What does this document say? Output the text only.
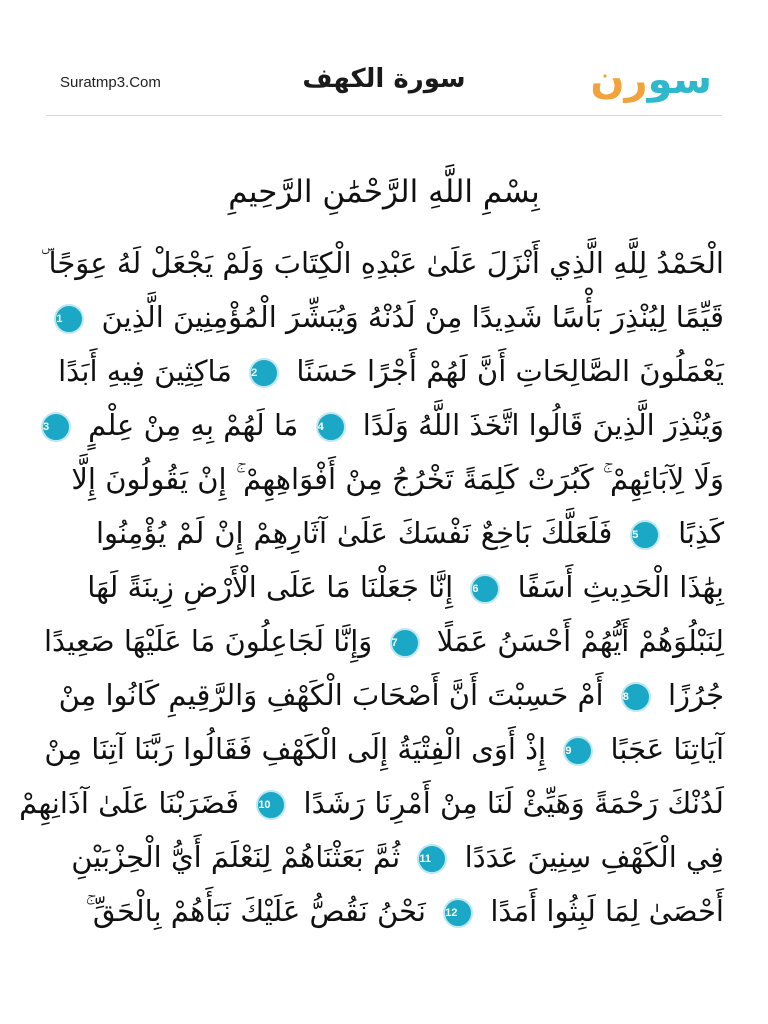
Suratmp3.Com	سورة الكهف	سورن
بِسْمِ اللَّهِ الرَّحْمَٰنِ الرَّحِيمِ
الْحَمْدُ لِلَّهِ الَّذِي أَنْزَلَ عَلَىٰ عَبْدِهِ الْكِتَابَ وَلَمْ يَجْعَلْ لَهُ عِوَجًا ۜ
قَيِّمًا لِيُنْذِرَ بَأْسًا شَدِيدًا مِنْ لَدُنْهُ وَيُبَشِّرَ الْمُؤْمِنِينَ الَّذِينَ 1
يَعْمَلُونَ الصَّالِحَاتِ أَنَّ لَهُمْ أَجْرًا حَسَنًا 2 مَاكِثِينَ فِيهِ أَبَدًا
وَيُنْذِرَ الَّذِينَ قَالُوا اتَّخَذَ اللَّهُ وَلَدًا 4 مَا لَهُمْ بِهِ مِنْ عِلْمٍ 3
وَلَا لِآبَائِهِمْ ۚ كَبُرَتْ كَلِمَةً تَخْرُجُ مِنْ أَفْوَاهِهِمْ ۚ إِنْ يَقُولُونَ إِلَّا
كَذِبًا 5 فَلَعَلَّكَ بَاخِعٌ نَفْسَكَ عَلَىٰ آثَارِهِمْ إِنْ لَمْ يُؤْمِنُوا
بِهَٰذَا الْحَدِيثِ أَسَفًا 6 إِنَّا جَعَلْنَا مَا عَلَى الْأَرْضِ زِينَةً لَهَا
لِنَبْلُوَهُمْ أَيُّهُمْ أَحْسَنُ عَمَلًا 7 وَإِنَّا لَجَاعِلُونَ مَا عَلَيْهَا صَعِيدًا
جُرُزًا 8 أَمْ حَسِبْتَ أَنَّ أَصْحَابَ الْكَهْفِ وَالرَّقِيمِ كَانُوا مِنْ
آيَاتِنَا عَجَبًا 9 إِذْ أَوَى الْفِتْيَةُ إِلَى الْكَهْفِ فَقَالُوا رَبَّنَا آتِنَا مِنْ
لَدُنْكَ رَحْمَةً وَهَيِّئْ لَنَا مِنْ أَمْرِنَا رَشَدًا 10 فَضَرَبْنَا عَلَىٰ آذَانِهِمْ
فِي الْكَهْفِ سِنِينَ عَدَدًا 11 ثُمَّ بَعَثْنَاهُمْ لِنَعْلَمَ أَيُّ الْحِزْبَيْنِ
أَحْصَىٰ لِمَا لَبِثُوا أَمَدًا 12 نَحْنُ نَقُصُّ عَلَيْكَ نَبَأَهُمْ بِالْحَقِّ ۚ
